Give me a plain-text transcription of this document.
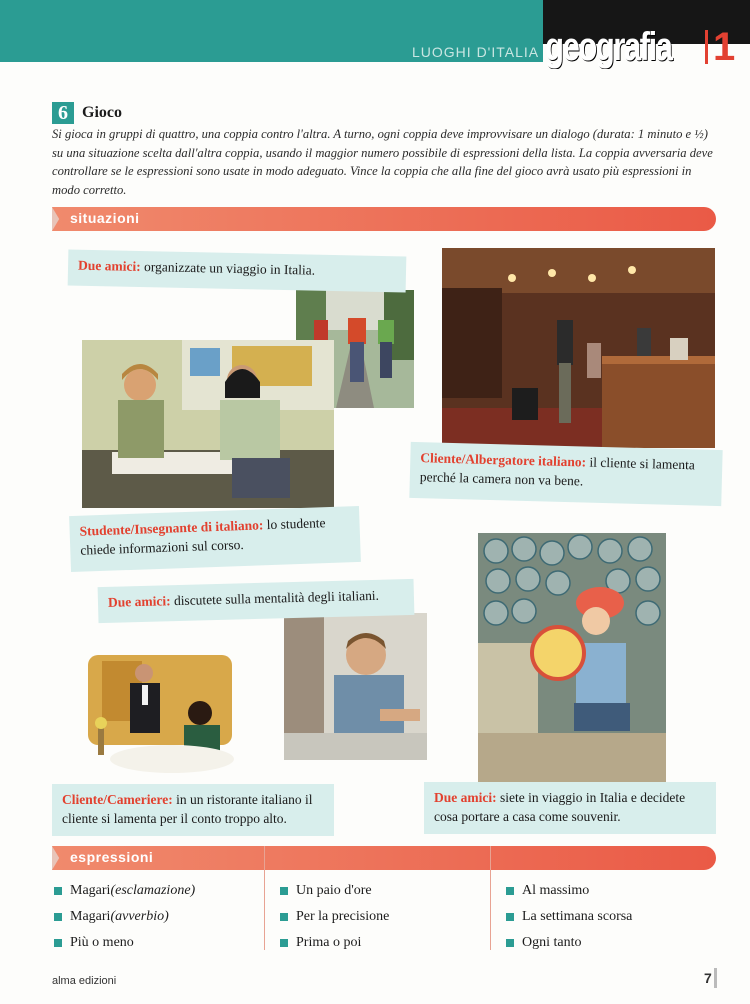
LUOGHI D'ITALIA geografia 1
6 Gioco
Si gioca in gruppi di quattro, una coppia contro l'altra. A turno, ogni coppia deve improvvisare un dialogo (durata: 1 minuto e ½) su una situazione scelta dall'altra coppia, usando il maggior numero possibile di espressioni della lista. La coppia avversaria deve controllare se le espressioni sono usate in modo adeguato. Vince la coppia che alla fine del gioco avrà usato più espressioni in modo corretto.
situazioni
Due amici: organizzate un viaggio in Italia.
Cliente/Albergatore italiano: il cliente si lamenta perché la camera non va bene.
Studente/Insegnante di italiano: lo studente chiede informazioni sul corso.
Due amici: discutete sulla mentalità degli italiani.
Cliente/Cameriere: in un ristorante italiano il cliente si lamenta per il conto troppo alto.
Due amici: siete in viaggio in Italia e decidete cosa portare a casa come souvenir.
espressioni
Magari (esclamazione)
Magari (avverbio)
Più o meno
Un paio d'ore
Per la precisione
Prima o poi
Al massimo
La settimana scorsa
Ogni tanto
alma edizioni	7
